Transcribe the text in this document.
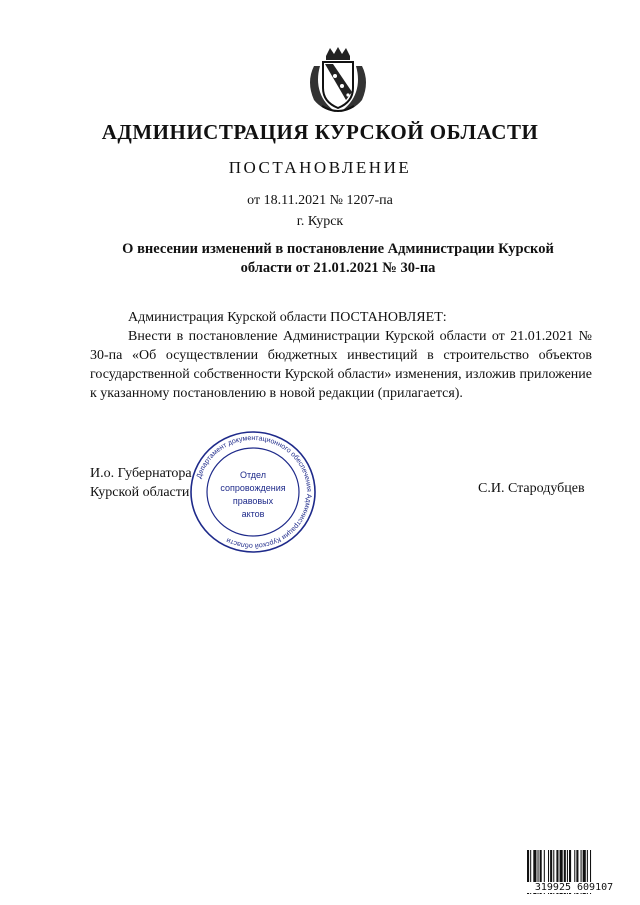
АДМИНИСТРАЦИЯ КУРСКОЙ ОБЛАСТИ
ПОСТАНОВЛЕНИЕ
от 18.11.2021 № 1207-па
г. Курск
О внесении изменений в постановление Администрации Курской
области от 21.01.2021 № 30-па

Администрация Курской области ПОСТАНОВЛЯЕТ:

Внести в постановление Администрации Курской области от 21.01.2021 № 30-па «Об осуществлении бюджетных инвестиций в строительство объектов государственной собственности Курской области» изменения, изложив приложение к указанному постановлению в новой редакции (прилагается).

И.о. Губернатора
Курской области	С.И. Стародубцев
Департамент документационного обеспечения Администрации Курской области
Отдел
сопровождения
правовых
актов
319925 609107
